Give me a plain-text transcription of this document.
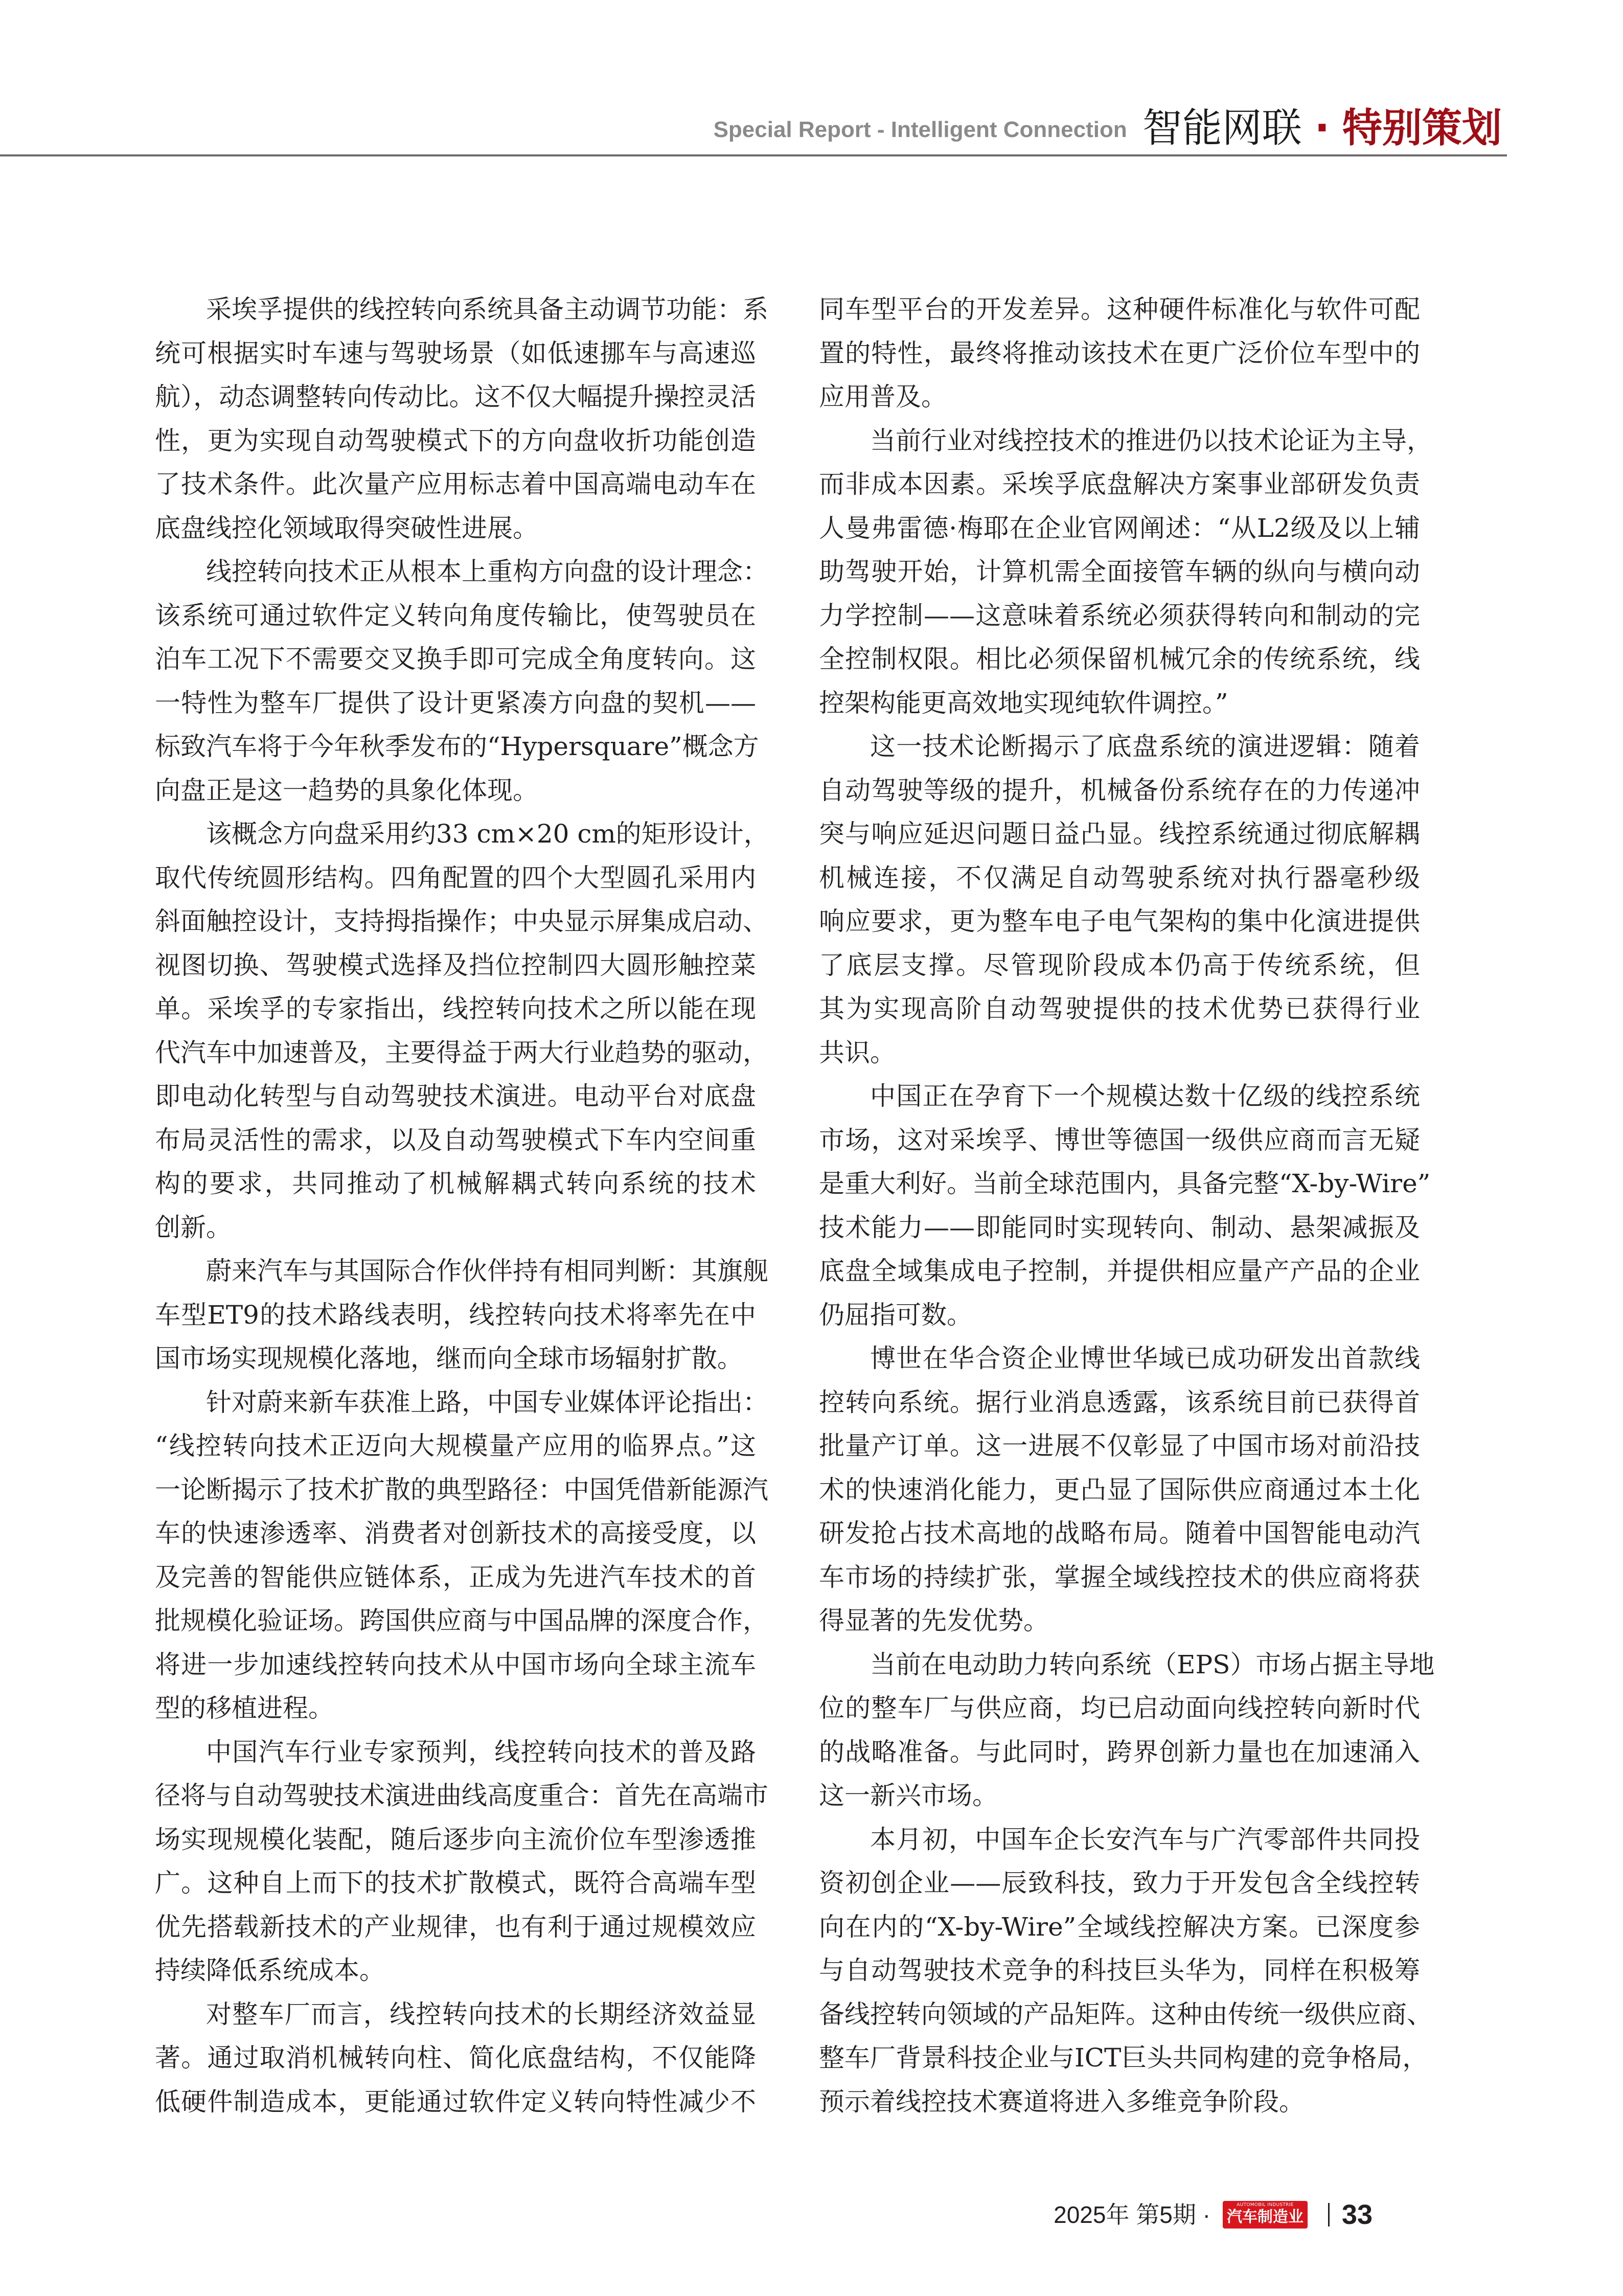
Special Report - Intelligent Connection 智能网联 · 特别策划
采埃孚提供的线控转向系统具备主动调节功能：系
统可根据实时车速与驾驶场景（如低速挪车与高速巡
航），动态调整转向传动比。这不仅大幅提升操控灵活
性，更为实现自动驾驶模式下的方向盘收折功能创造
了技术条件。此次量产应用标志着中国高端电动车在
底盘线控化领域取得突破性进展。
线控转向技术正从根本上重构方向盘的设计理念：
该系统可通过软件定义转向角度传输比，使驾驶员在
泊车工况下不需要交叉换手即可完成全角度转向。这
一特性为整车厂提供了设计更紧凑方向盘的契机——
标致汽车将于今年秋季发布的“Hypersquare”概念方
向盘正是这一趋势的具象化体现。
该概念方向盘采用约33 cm×20 cm的矩形设计，
取代传统圆形结构。四角配置的四个大型圆孔采用内
斜面触控设计，支持拇指操作；中央显示屏集成启动、
视图切换、驾驶模式选择及挡位控制四大圆形触控菜
单。采埃孚的专家指出，线控转向技术之所以能在现
代汽车中加速普及，主要得益于两大行业趋势的驱动，
即电动化转型与自动驾驶技术演进。电动平台对底盘
布局灵活性的需求，以及自动驾驶模式下车内空间重
构的要求，共同推动了机械解耦式转向系统的技术
创新。
蔚来汽车与其国际合作伙伴持有相同判断：其旗舰
车型ET9的技术路线表明，线控转向技术将率先在中
国市场实现规模化落地，继而向全球市场辐射扩散。
针对蔚来新车获准上路，中国专业媒体评论指出：
“线控转向技术正迈向大规模量产应用的临界点。”这
一论断揭示了技术扩散的典型路径：中国凭借新能源汽
车的快速渗透率、消费者对创新技术的高接受度，以
及完善的智能供应链体系，正成为先进汽车技术的首
批规模化验证场。跨国供应商与中国品牌的深度合作，
将进一步加速线控转向技术从中国市场向全球主流车
型的移植进程。
中国汽车行业专家预判，线控转向技术的普及路
径将与自动驾驶技术演进曲线高度重合：首先在高端市
场实现规模化装配，随后逐步向主流价位车型渗透推
广。这种自上而下的技术扩散模式，既符合高端车型
优先搭载新技术的产业规律，也有利于通过规模效应
持续降低系统成本。
对整车厂而言，线控转向技术的长期经济效益显
著。通过取消机械转向柱、简化底盘结构，不仅能降
低硬件制造成本，更能通过软件定义转向特性减少不
同车型平台的开发差异。这种硬件标准化与软件可配
置的特性，最终将推动该技术在更广泛价位车型中的
应用普及。
当前行业对线控技术的推进仍以技术论证为主导，
而非成本因素。采埃孚底盘解决方案事业部研发负责
人曼弗雷德·梅耶在企业官网阐述：“从L2级及以上辅
助驾驶开始，计算机需全面接管车辆的纵向与横向动
力学控制——这意味着系统必须获得转向和制动的完
全控制权限。相比必须保留机械冗余的传统系统，线
控架构能更高效地实现纯软件调控。”
这一技术论断揭示了底盘系统的演进逻辑：随着
自动驾驶等级的提升，机械备份系统存在的力传递冲
突与响应延迟问题日益凸显。线控系统通过彻底解耦
机械连接，不仅满足自动驾驶系统对执行器毫秒级
响应要求，更为整车电子电气架构的集中化演进提供
了底层支撑。尽管现阶段成本仍高于传统系统，但
其为实现高阶自动驾驶提供的技术优势已获得行业
共识。
中国正在孕育下一个规模达数十亿级的线控系统
市场，这对采埃孚、博世等德国一级供应商而言无疑
是重大利好。当前全球范围内，具备完整“X-by-Wire”
技术能力——即能同时实现转向、制动、悬架减振及
底盘全域集成电子控制，并提供相应量产产品的企业
仍屈指可数。
博世在华合资企业博世华域已成功研发出首款线
控转向系统。据行业消息透露，该系统目前已获得首
批量产订单。这一进展不仅彰显了中国市场对前沿技
术的快速消化能力，更凸显了国际供应商通过本土化
研发抢占技术高地的战略布局。随着中国智能电动汽
车市场的持续扩张，掌握全域线控技术的供应商将获
得显著的先发优势。
当前在电动助力转向系统（EPS）市场占据主导地
位的整车厂与供应商，均已启动面向线控转向新时代
的战略准备。与此同时，跨界创新力量也在加速涌入
这一新兴市场。
本月初，中国车企长安汽车与广汽零部件共同投
资初创企业——辰致科技，致力于开发包含全线控转
向在内的“X-by-Wire”全域线控解决方案。已深度参
与自动驾驶技术竞争的科技巨头华为，同样在积极筹
备线控转向领域的产品矩阵。这种由传统一级供应商、
整车厂背景科技企业与ICT巨头共同构建的竞争格局，
预示着线控技术赛道将进入多维竞争阶段。
2025年 第5期 ·	AUTOMOBIL INDUSTRIE
汽车制造业 33
